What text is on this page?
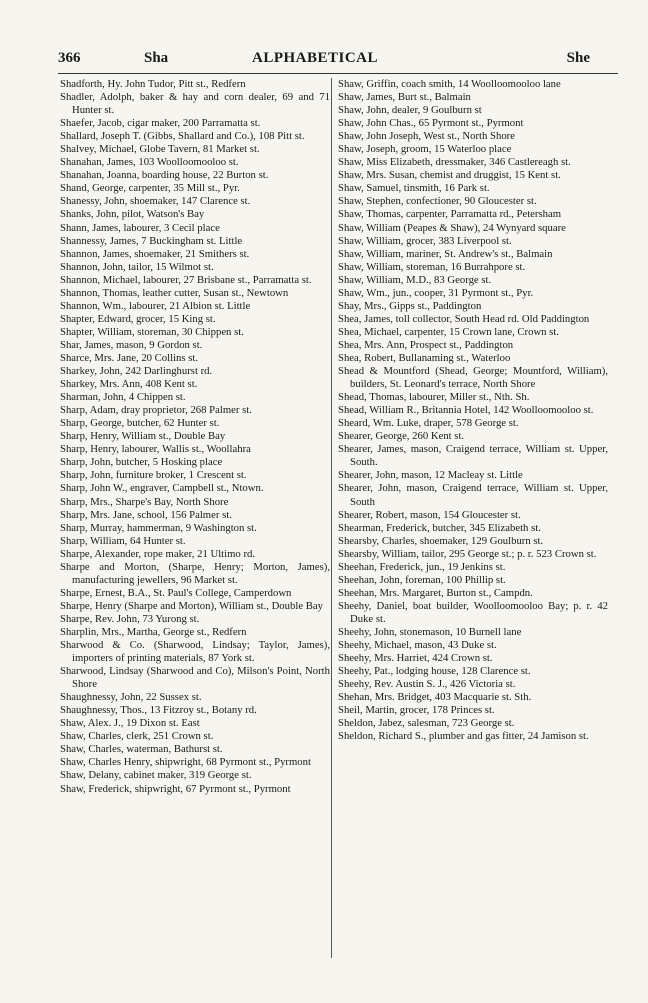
366	Sha	ALPHABETICAL	She

Shadforth, Hy. John Tudor, Pitt st., Redfern

Shadler, Adolph, baker & hay and corn dealer, 69 and 71 Hunter st.

Shaefer, Jacob, cigar maker, 200 Parramatta st.

Shallard, Joseph T. (Gibbs, Shallard and Co.), 108 Pitt st.

Shalvey, Michael, Globe Tavern, 81 Market st.

Shanahan, James, 103 Woolloomooloo st.

Shanahan, Joanna, boarding house, 22 Burton st.

Shand, George, carpenter, 35 Mill st., Pyr.

Shanessy, John, shoemaker, 147 Clarence st.

Shanks, John, pilot, Watson's Bay

Shann, James, labourer, 3 Cecil place

Shannessy, James, 7 Buckingham st. Little

Shannon, James, shoemaker, 21 Smithers st.

Shannon, John, tailor, 15 Wilmot st.

Shannon, Michael, labourer, 27 Brisbane st., Parramatta st.

Shannon, Thomas, leather cutter, Susan st., Newtown

Shannon, Wm., labourer, 21 Albion st. Little

Shapter, Edward, grocer, 15 King st.

Shapter, William, storeman, 30 Chippen st.

Shar, James, mason, 9 Gordon st.

Sharce, Mrs. Jane, 20 Collins st.

Sharkey, John, 242 Darlinghurst rd.

Sharkey, Mrs. Ann, 408 Kent st.

Sharman, John, 4 Chippen st.

Sharp, Adam, dray proprietor, 268 Palmer st.

Sharp, George, butcher, 62 Hunter st.

Sharp, Henry, William st., Double Bay

Sharp, Henry, labourer, Wallis st., Woollahra

Sharp, John, butcher, 5 Hosking place

Sharp, John, furniture broker, 1 Crescent st.

Sharp, John W., engraver, Campbell st., Ntown.

Sharp, Mrs., Sharpe's Bay, North Shore

Sharp, Mrs. Jane, school, 156 Palmer st.

Sharp, Murray, hammerman, 9 Washington st.

Sharp, William, 64 Hunter st.

Sharpe, Alexander, rope maker, 21 Ultimo rd.

Sharpe and Morton, (Sharpe, Henry; Morton, James), manufacturing jewellers, 96 Market st.

Sharpe, Ernest, B.A., St. Paul's College, Camperdown

Sharpe, Henry (Sharpe and Morton), William st., Double Bay

Sharpe, Rev. John, 73 Yurong st.

Sharplin, Mrs., Martha, George st., Redfern

Sharwood & Co. (Sharwood, Lindsay; Taylor, James), importers of printing materials, 87 York st.

Sharwood, Lindsay (Sharwood and Co), Milson's Point, North Shore

Shaughnessy, John, 22 Sussex st.

Shaughnessy, Thos., 13 Fitzroy st., Botany rd.

Shaw, Alex. J., 19 Dixon st. East

Shaw, Charles, clerk, 251 Crown st.

Shaw, Charles, waterman, Bathurst st.

Shaw, Charles Henry, shipwright, 68 Pyrmont st., Pyrmont

Shaw, Delany, cabinet maker, 319 George st.

Shaw, Frederick, shipwright, 67 Pyrmont st., Pyrmont

Shaw, Griffin, coach smith, 14 Woolloomooloo lane

Shaw, James, Burt st., Balmain

Shaw, John, dealer, 9 Goulburn st

Shaw, John Chas., 65 Pyrmont st., Pyrmont

Shaw, John Joseph, West st., North Shore

Shaw, Joseph, groom, 15 Waterloo place

Shaw, Miss Elizabeth, dressmaker, 346 Castlereagh st.

Shaw, Mrs. Susan, chemist and druggist, 15 Kent st.

Shaw, Samuel, tinsmith, 16 Park st.

Shaw, Stephen, confectioner, 90 Gloucester st.

Shaw, Thomas, carpenter, Parramatta rd., Petersham

Shaw, William (Peapes & Shaw), 24 Wynyard square

Shaw, William, grocer, 383 Liverpool st.

Shaw, William, mariner, St. Andrew's st., Balmain

Shaw, William, storeman, 16 Burrahpore st.

Shaw, William, M.D., 83 George st.

Shaw, Wm., jun., cooper, 31 Pyrmont st., Pyr.

Shay, Mrs., Gipps st., Paddington

Shea, James, toll collector, South Head rd. Old Paddington

Shea, Michael, carpenter, 15 Crown lane, Crown st.

Shea, Mrs. Ann, Prospect st., Paddington

Shea, Robert, Bullanaming st., Waterloo

Shead & Mountford (Shead, George; Mountford, William), builders, St. Leonard's terrace, North Shore

Shead, Thomas, labourer, Miller st., Nth. Sh.

Shead, William R., Britannia Hotel, 142 Woolloomooloo st.

Sheard, Wm. Luke, draper, 578 George st.

Shearer, George, 260 Kent st.

Shearer, James, mason, Craigend terrace, William st. Upper, South.

Shearer, John, mason, 12 Macleay st. Little

Shearer, John, mason, Craigend terrace, William st. Upper, South

Shearer, Robert, mason, 154 Gloucester st.

Shearman, Frederick, butcher, 345 Elizabeth st.

Shearsby, Charles, shoemaker, 129 Goulburn st.

Shearsby, William, tailor, 295 George st.; p. r. 523 Crown st.

Sheehan, Frederick, jun., 19 Jenkins st.

Sheehan, John, foreman, 100 Phillip st.

Sheehan, Mrs. Margaret, Burton st., Campdn.

Sheehy, Daniel, boat builder, Woolloomooloo Bay; p. r. 42 Duke st.

Sheehy, John, stonemason, 10 Burnell lane

Sheehy, Michael, mason, 43 Duke st.

Sheehy, Mrs. Harriet, 424 Crown st.

Sheehy, Pat., lodging house, 128 Clarence st.

Sheehy, Rev. Austin S. J., 426 Victoria st.

Shehan, Mrs. Bridget, 403 Macquarie st. Sth.

Sheil, Martin, grocer, 178 Princes st.

Sheldon, Jabez, salesman, 723 George st.

Sheldon, Richard S., plumber and gas fitter, 24 Jamison st.
